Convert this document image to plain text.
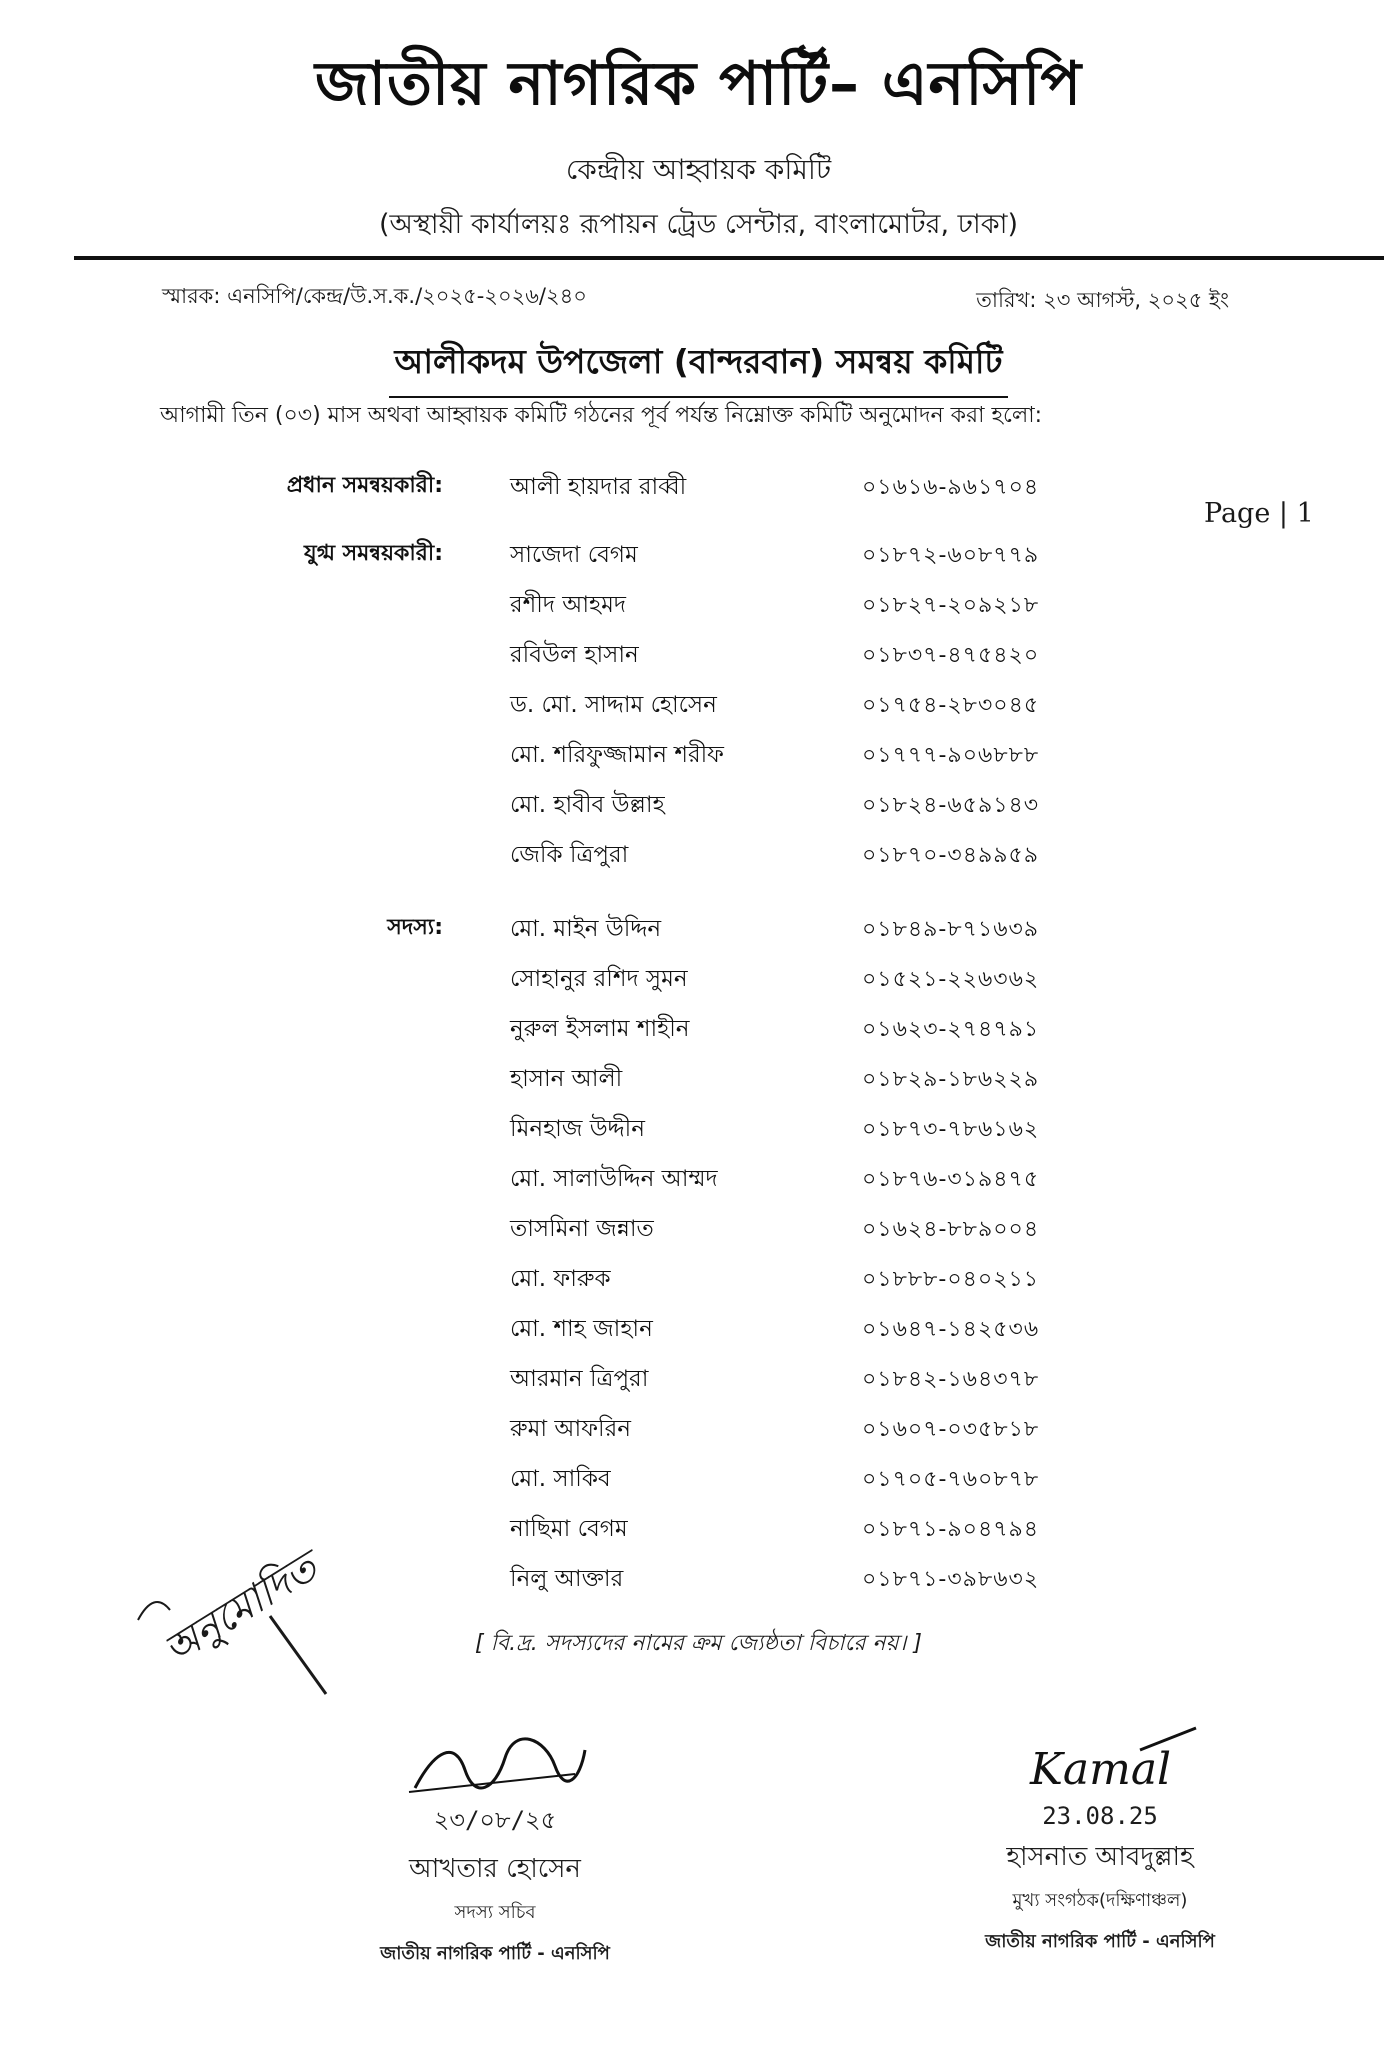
জাতীয় নাগরিক পার্টি– এনসিপি
কেন্দ্রীয় আহ্বায়ক কমিটি
(অস্থায়ী কার্যালয়ঃ রূপায়ন ট্রেড সেন্টার, বাংলামোটর, ঢাকা)
স্মারক: এনসিপি/কেন্দ্র/উ.স.ক./২০২৫-২০২৬/২৪০	তারিখ: ২৩ আগস্ট, ২০২৫ ইং
আলীকদম উপজেলা (বান্দরবান) সমন্বয় কমিটি
আগামী তিন (০৩) মাস অথবা আহ্বায়ক কমিটি গঠনের পূর্ব পর্যন্ত নিম্নোক্ত কমিটি অনুমোদন করা হলো:
Page | 1
প্রধান সমন্বয়কারী:	আলী হায়দার রাব্বী	০১৬১৬-৯৬১৭০৪
যুগ্ম সমন্বয়কারী:	সাজেদা বেগম	০১৮৭২-৬০৮৭৭৯
রশীদ আহমদ	০১৮২৭-২০৯২১৮
রবিউল হাসান	০১৮৩৭-৪৭৫৪২০
ড. মো. সাদ্দাম হোসেন	০১৭৫৪-২৮৩০৪৫
মো. শরিফুজ্জামান শরীফ	০১৭৭৭-৯০৬৮৮৮
মো. হাবীব উল্লাহ	০১৮২৪-৬৫৯১৪৩
জেকি ত্রিপুরা	০১৮৭০-৩৪৯৯৫৯
সদস্য:	মো. মাইন উদ্দিন	০১৮৪৯-৮৭১৬৩৯
সোহানুর রশিদ সুমন	০১৫২১-২২৬৩৬২
নুরুল ইসলাম শাহীন	০১৬২৩-২৭৪৭৯১
হাসান আলী	০১৮২৯-১৮৬২২৯
মিনহাজ উদ্দীন	০১৮৭৩-৭৮৬১৬২
মো. সালাউদ্দিন আম্মদ	০১৮৭৬-৩১৯৪৭৫
তাসমিনা জন্নাত	০১৬২৪-৮৮৯০০৪
মো. ফারুক	০১৮৮৮-০৪০২১১
মো. শাহ জাহান	০১৬৪৭-১৪২৫৩৬
আরমান ত্রিপুরা	০১৮৪২-১৬৪৩৭৮
রুমা আফরিন	০১৬০৭-০৩৫৮১৮
মো. সাকিব	০১৭০৫-৭৬০৮৭৮
নাছিমা বেগম	০১৮৭১-৯০৪৭৯৪
নিলু আক্তার	০১৮৭১-৩৯৮৬৩২
[ বি.দ্র. সদস্যদের নামের ক্রম জ্যেষ্ঠতা বিচারে নয়। ]
অনুমোদিত
২৩/০৮/২৫
আখতার হোসেন
সদস্য সচিব
জাতীয় নাগরিক পার্টি - এনসিপি
Kamal
23.08.25
হাসনাত আবদুল্লাহ
মুখ্য সংগঠক(দক্ষিণাঞ্চল)
জাতীয় নাগরিক পার্টি - এনসিপি
